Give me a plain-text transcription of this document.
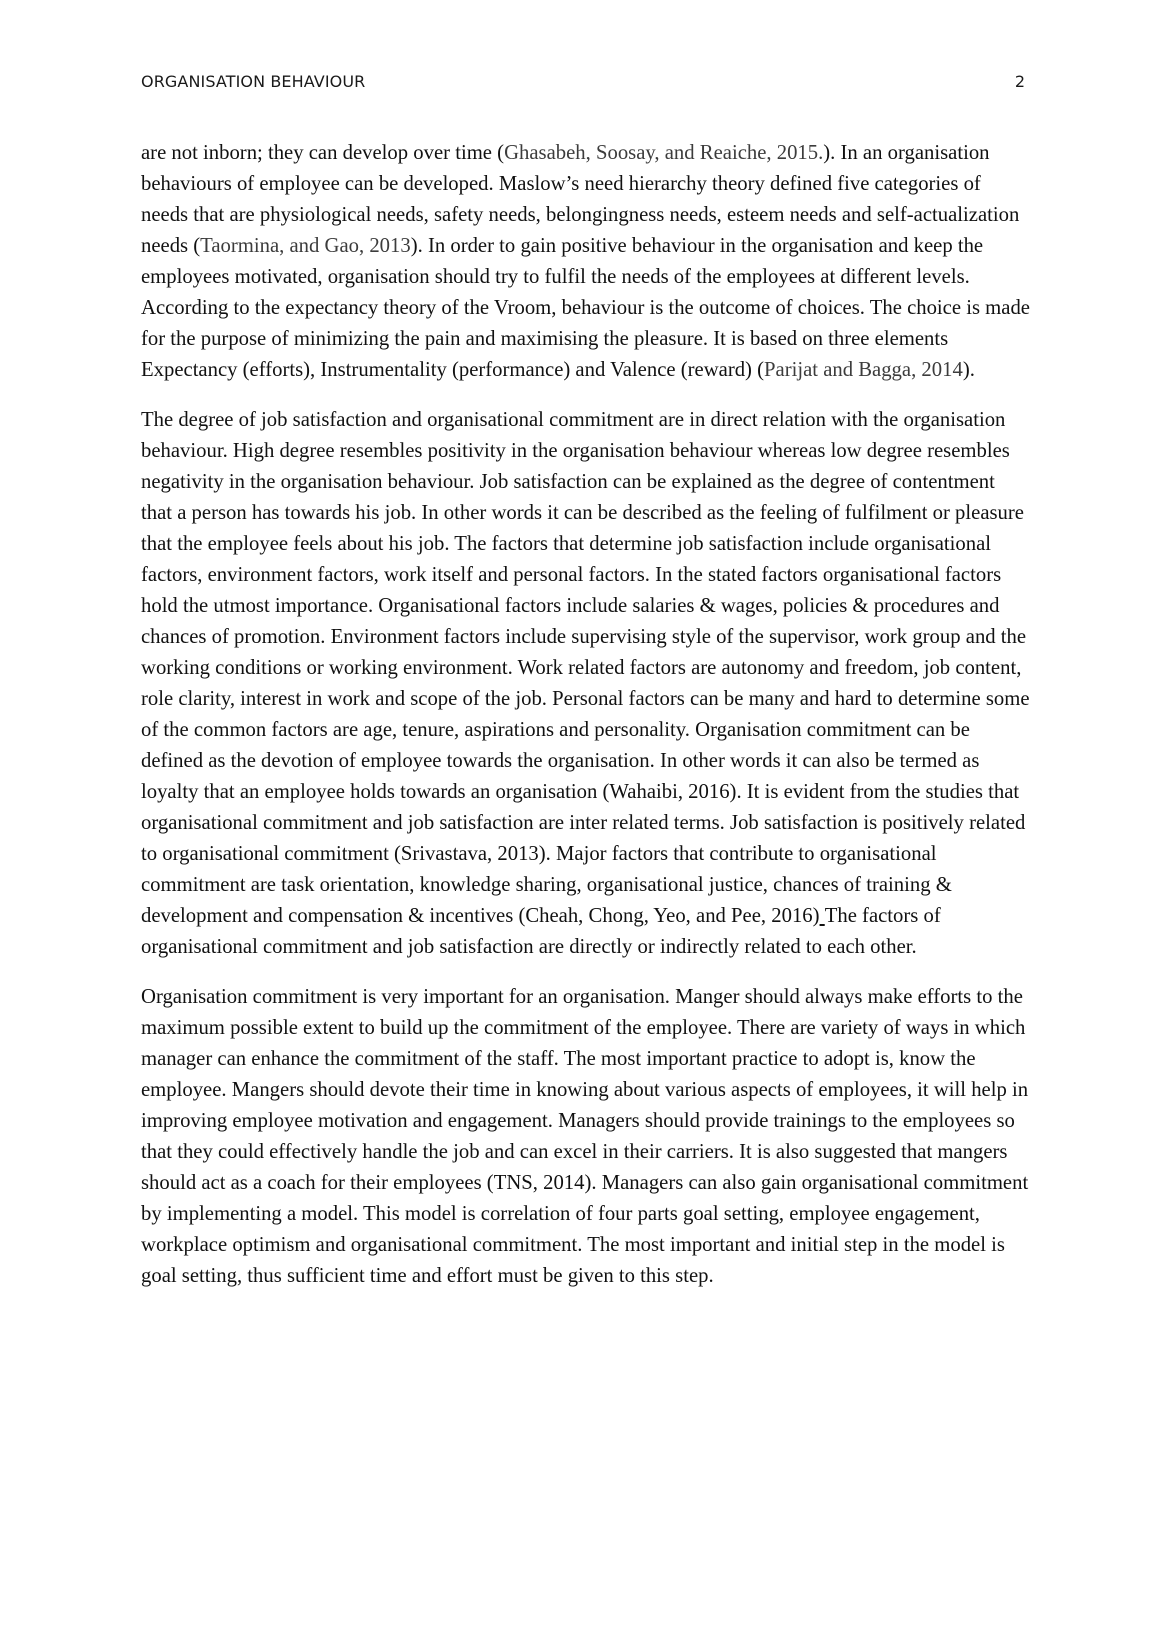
ORGANISATION BEHAVIOUR	2

are not inborn; they can develop over time (Ghasabeh, Soosay, and Reaiche, 2015.). In an organisation behaviours of employee can be developed. Maslow’s need hierarchy theory defined five categories of needs that are physiological needs, safety needs, belongingness needs, esteem needs and self-actualization needs (Taormina, and Gao, 2013). In order to gain positive behaviour in the organisation and keep the employees motivated, organisation should try to fulfil the needs of the employees at different levels. According to the expectancy theory of the Vroom, behaviour is the outcome of choices. The choice is made for the purpose of minimizing the pain and maximising the pleasure. It is based on three elements Expectancy (efforts), Instrumentality (performance) and Valence (reward) (Parijat and Bagga, 2014).

The degree of job satisfaction and organisational commitment are in direct relation with the organisation behaviour. High degree resembles positivity in the organisation behaviour whereas low degree resembles negativity in the organisation behaviour. Job satisfaction can be explained as the degree of contentment that a person has towards his job. In other words it can be described as the feeling of fulfilment or pleasure that the employee feels about his job. The factors that determine job satisfaction include organisational factors, environment factors, work itself and personal factors. In the stated factors organisational factors hold the utmost importance. Organisational factors include salaries & wages, policies & procedures and chances of promotion. Environment factors include supervising style of the supervisor, work group and the working conditions or working environment. Work related factors are autonomy and freedom, job content, role clarity, interest in work and scope of the job. Personal factors can be many and hard to determine some of the common factors are age, tenure, aspirations and personality. Organisation commitment can be defined as the devotion of employee towards the organisation. In other words it can also be termed as loyalty that an employee holds towards an organisation (Wahaibi, 2016). It is evident from the studies that organisational commitment and job satisfaction are inter related terms. Job satisfaction is positively related to organisational commitment (Srivastava, 2013). Major factors that contribute to organisational commitment are task orientation, knowledge sharing, organisational justice, chances of training & development and compensation & incentives (Cheah, Chong, Yeo, and Pee, 2016) The factors of organisational commitment and job satisfaction are directly or indirectly related to each other.

Organisation commitment is very important for an organisation. Manger should always make efforts to the maximum possible extent to build up the commitment of the employee. There are variety of ways in which manager can enhance the commitment of the staff. The most important practice to adopt is, know the employee. Mangers should devote their time in knowing about various aspects of employees, it will help in improving employee motivation and engagement. Managers should provide trainings to the employees so that they could effectively handle the job and can excel in their carriers. It is also suggested that mangers should act as a coach for their employees (TNS, 2014). Managers can also gain organisational commitment by implementing a model. This model is correlation of four parts goal setting, employee engagement, workplace optimism and organisational commitment. The most important and initial step in the model is goal setting, thus sufficient time and effort must be given to this step.
